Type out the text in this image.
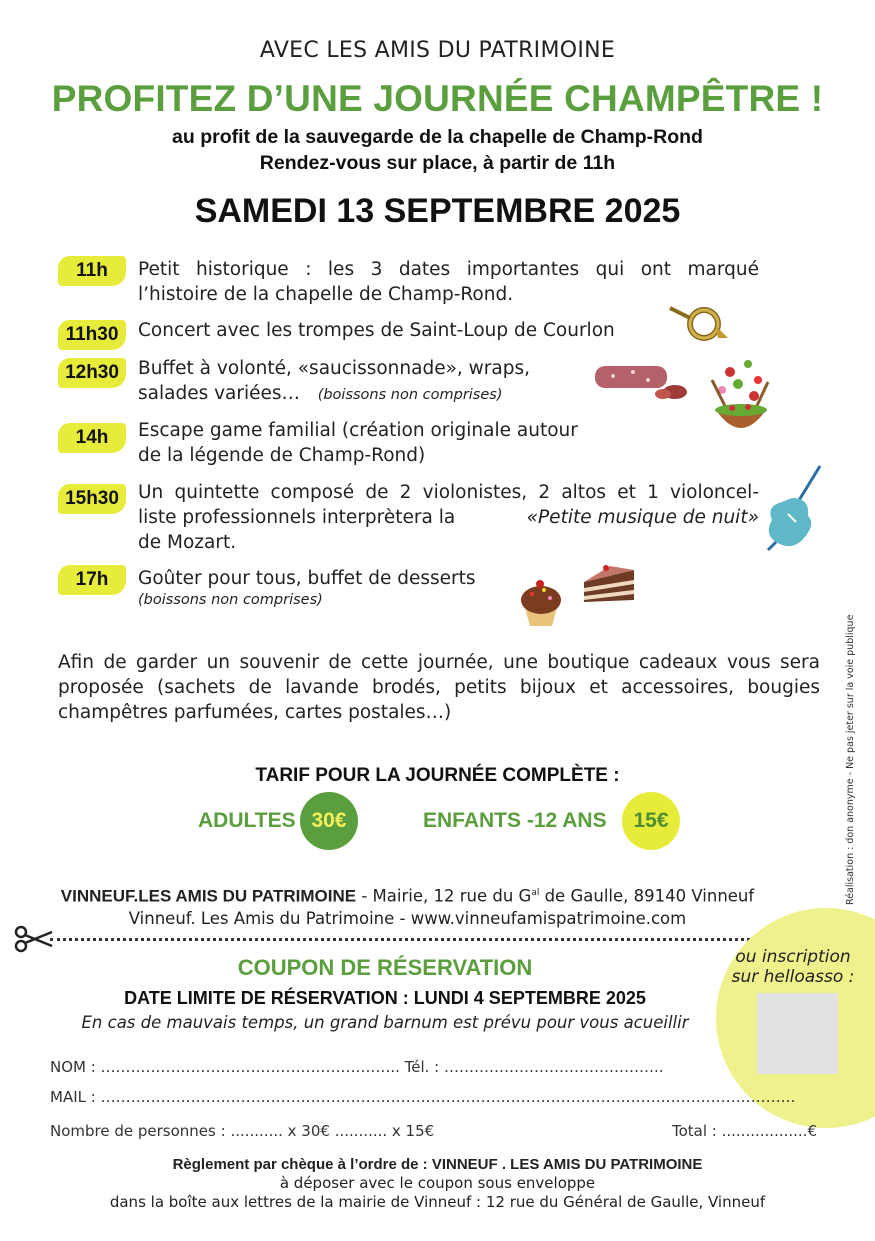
AVEC LES AMIS DU PATRIMOINE
PROFITEZ D’UNE JOURNÉE CHAMPÊTRE !
au profit de la sauvegarde de la chapelle de Champ-Rond
Rendez-vous sur place, à partir de 11h
SAMEDI 13 SEPTEMBRE 2025
11h	Petit historique : les 3 dates importantes qui ont marqué
l’histoire de la chapelle de Champ-Rond.
11h30	Concert avec les trompes de Saint-Loup de Courlon
12h30	Buffet à volonté, «saucissonnade», wraps,
salades variées… (boissons non comprises)
14h	Escape game familial (création originale autour
de la légende de Champ-Rond)
15h30	Un quintette composé de 2 violonistes, 2 altos et 1 violoncel-
liste professionnels interprètera la	«Petite musique de nuit»
de Mozart.
17h	Goûter pour tous, buffet de desserts
(boissons non comprises)
Afin de garder un souvenir de cette journée, une boutique cadeaux vous sera proposée (sachets de lavande brodés, petits bijoux et accessoires, bougies champêtres parfumées, cartes postales…)
TARIF POUR LA JOURNÉE COMPLÈTE :
ADULTES 30€	ENFANTS -12 ANS	15€
VINNEUF.LES AMIS DU PATRIMOINE - Mairie, 12 rue du $G^{al}$ de Gaulle, 89140 Vinneuf
Vinneuf. Les Amis du Patrimoine - www.vinneufamispatrimoine.com
ou inscription
sur helloasso :
COUPON DE RÉSERVATION
DATE LIMITE DE RÉSERVATION : LUNDI 4 SEPTEMBRE 2025
En cas de mauvais temps, un grand barnum est prévu pour vous acueillir
NOM : ……………………………………………….….. Tél. : ……………………………………..
MAIL : ………………………………………………………………………………………………………………………….
Nombre de personnes : ........... x 30€ ........... x 15€	Total : ..................€
Règlement par chèque à l’ordre de : VINNEUF . LES AMIS DU PATRIMOINE
à déposer avec le coupon sous enveloppe
dans la boîte aux lettres de la mairie de Vinneuf : 12 rue du Général de Gaulle, Vinneuf
Réalisation : don anonyme - Ne pas jeter sur la voie publique
